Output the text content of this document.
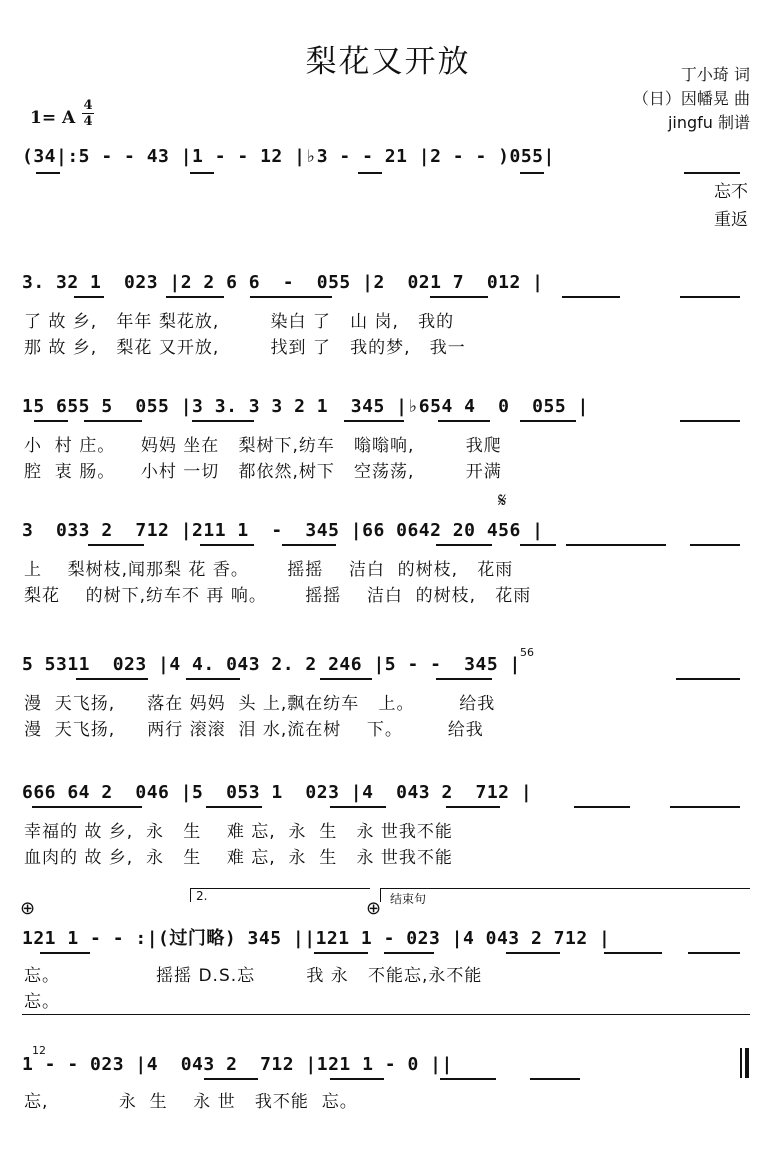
梨花又开放	丁小琦 词
（日）因幡晃 曲
jingfu 制谱
1= A
4
4
(34|:5 - - 43 |1 - - 12 |♭3 - - 21 |2 - - )055|
忘不
重返
3. 32 1  023 |2 2 6 6  -  055 |2  021 7  012 |
了 故 乡,   年年 梨花放,        染白 了   山 岗,   我的
那 故 乡,   梨花 又开放,        找到 了   我的梦,   我一
15 655 5  055 |3 3. 3 3 2 1  345 |♭654 4  0  055 |
小  村 庄。    妈妈 坐在   梨树下,纺车   嗡嗡响,        我爬
腔  衷 肠。    小村 一切   都依然,树下   空荡荡,        开满
𝄋
3  033 2  712 |211 1  -  345 |66 0642 20 456 |
上    梨树枝,闻那梨 花 香。      摇摇    洁白  的树枝,   花雨
梨花    的树下,纺车不 再 响。      摇摇    洁白  的树枝,   花雨
56
5 5311  023 |4 4. 043 2. 2 246 |5 - -  345 |
漫  天飞扬,     落在 妈妈  头 上,飘在纺车   上。       给我
漫  天飞扬,     两行 滚滚  泪 水,流在树    下。       给我
666 64 2  046 |5  053 1  023 |4  043 2  712 |
幸福的 故 乡,  永   生    难 忘,  永  生   永 世我不能
血肉的 故 乡,  永   生    难 忘,  永  生   永 世我不能
2.	结束句
⊕	⊕
121 1 - - :|(过门略) 345 ||121 1 - 023 |4 043 2 712 |
忘。               摇摇 D.S.忘        我 永   不能忘,永不能
忘。
12
1 - - 023 |4  043 2  712 |121 1 - 0 ||
忘,           永  生    永 世   我不能  忘。
